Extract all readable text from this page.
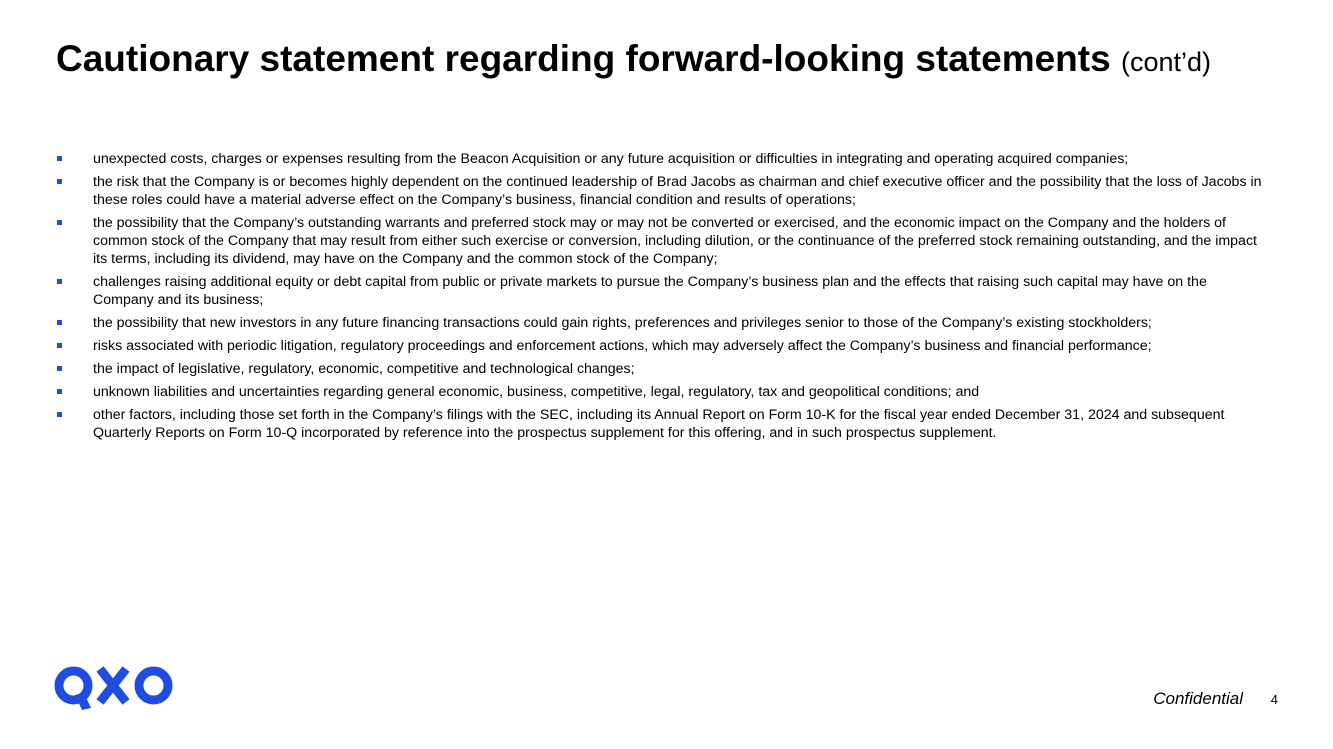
Cautionary statement regarding forward-looking statements (cont’d)
unexpected costs, charges or expenses resulting from the Beacon Acquisition or any future acquisition or difficulties in integrating and operating acquired companies;
the risk that the Company is or becomes highly dependent on the continued leadership of Brad Jacobs as chairman and chief executive officer and the possibility that the loss of Jacobs in these roles could have a material adverse effect on the Company’s business, financial condition and results of operations;
the possibility that the Company’s outstanding warrants and preferred stock may or may not be converted or exercised, and the economic impact on the Company and the holders of common stock of the Company that may result from either such exercise or conversion, including dilution, or the continuance of the preferred stock remaining outstanding, and the impact its terms, including its dividend, may have on the Company and the common stock of the Company;
challenges raising additional equity or debt capital from public or private markets to pursue the Company’s business plan and the effects that raising such capital may have on the Company and its business;
the possibility that new investors in any future financing transactions could gain rights, preferences and privileges senior to those of the Company’s existing stockholders;
risks associated with periodic litigation, regulatory proceedings and enforcement actions, which may adversely affect the Company’s business and financial performance;
the impact of legislative, regulatory, economic, competitive and technological changes;
unknown liabilities and uncertainties regarding general economic, business, competitive, legal, regulatory, tax and geopolitical conditions; and
other factors, including those set forth in the Company’s filings with the SEC, including its Annual Report on Form 10-K for the fiscal year ended December 31, 2024 and subsequent Quarterly Reports on Form 10-Q incorporated by reference into the prospectus supplement for this offering, and in such prospectus supplement.
Confidential 4
